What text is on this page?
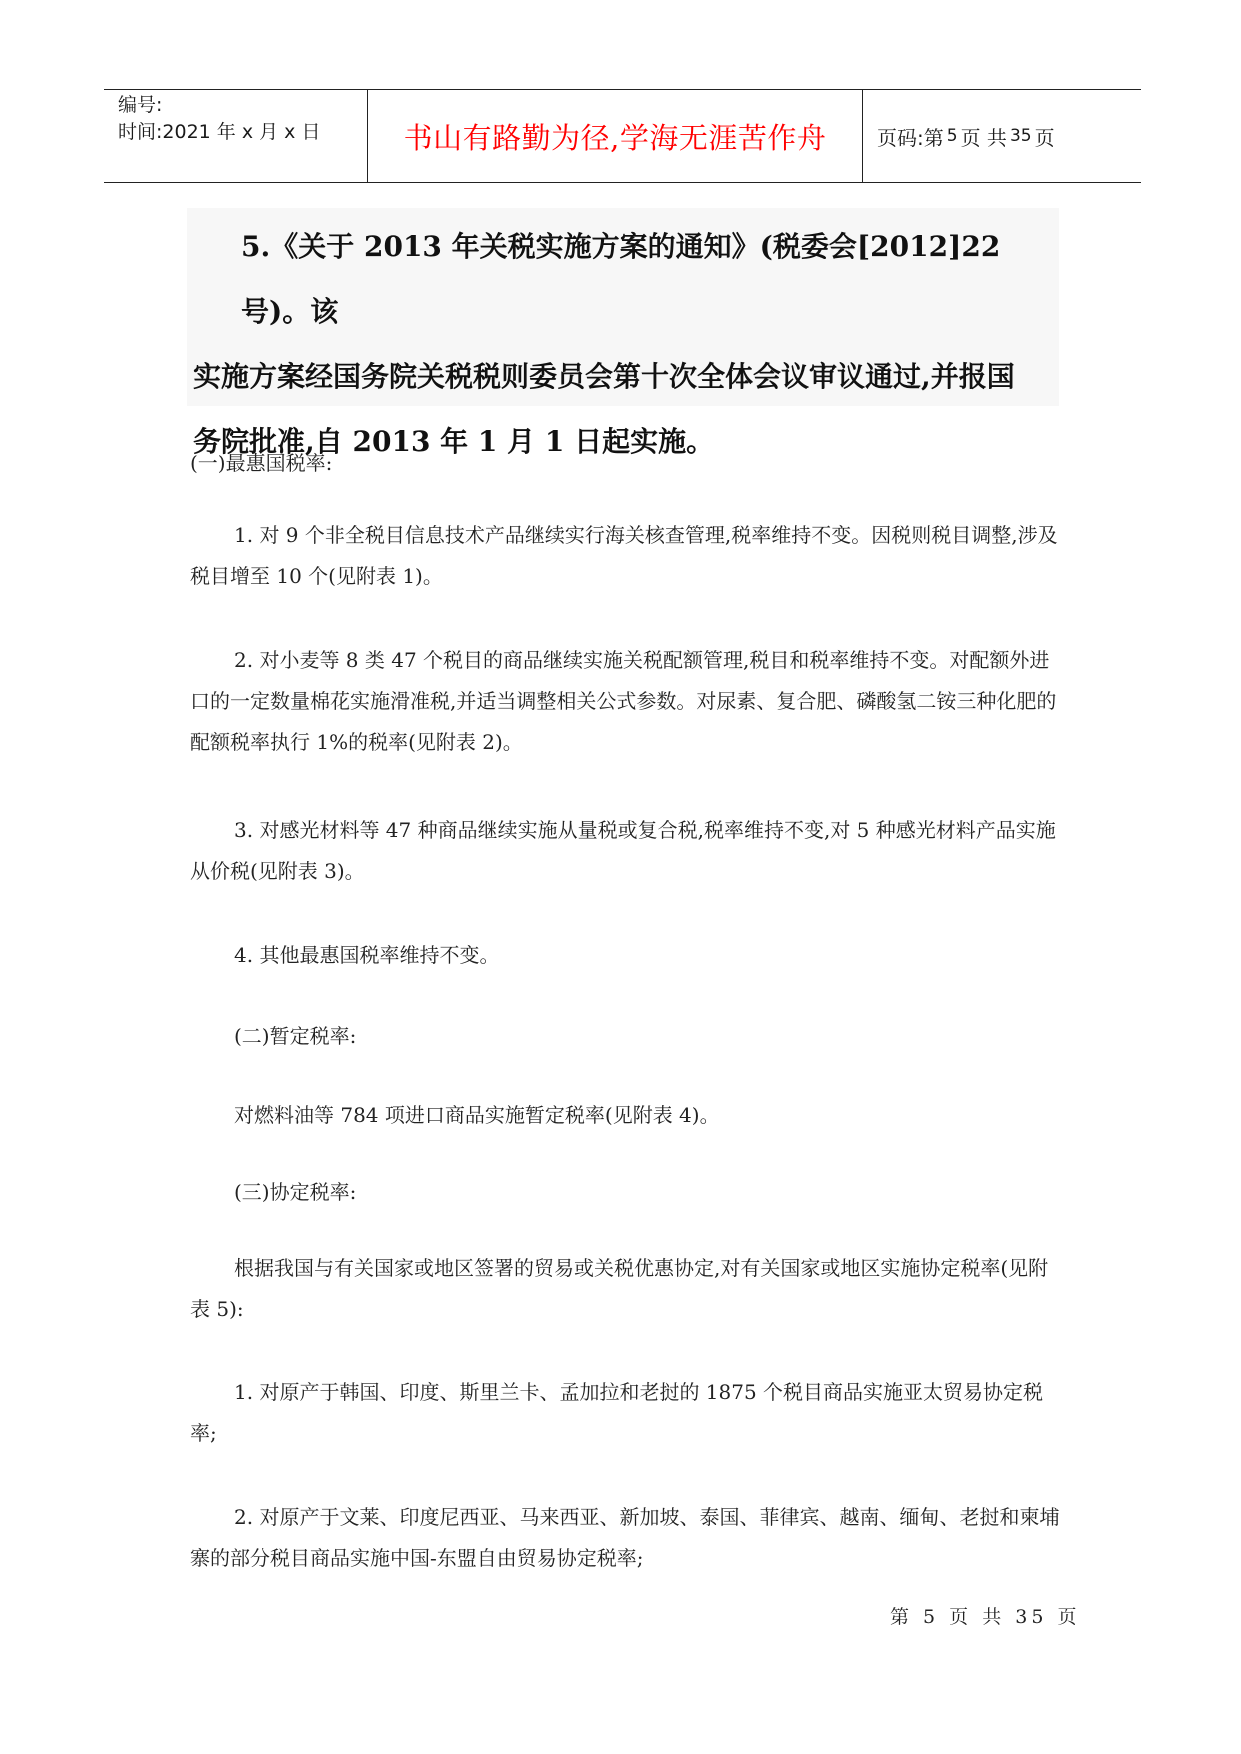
编号:
时间:2021 年 x 月 x 日	书山有路勤为径,学海无涯苦作舟	页码:第 5 页 共 35 页
5.《关于 2013 年关税实施方案的通知》(税委会[2012]22 号)。该
实施方案经国务院关税税则委员会第十次全体会议审议通过,并报国
务院批准,自 2013 年 1 月 1 日起实施。

(一)最惠国税率:

1. 对 9 个非全税目信息技术产品继续实行海关核查管理,税率维持不变。因税则税目调整,涉及税目增至 10 个(见附表 1)。

2. 对小麦等 8 类 47 个税目的商品继续实施关税配额管理,税目和税率维持不变。对配额外进口的一定数量棉花实施滑准税,并适当调整相关公式参数。对尿素、复合肥、磷酸氢二铵三种化肥的配额税率执行 1%的税率(见附表 2)。

3. 对感光材料等 47 种商品继续实施从量税或复合税,税率维持不变,对 5 种感光材料产品实施从价税(见附表 3)。

4. 其他最惠国税率维持不变。

(二)暂定税率:

对燃料油等 784 项进口商品实施暂定税率(见附表 4)。

(三)协定税率:

根据我国与有关国家或地区签署的贸易或关税优惠协定,对有关国家或地区实施协定税率(见附表 5):

1. 对原产于韩国、印度、斯里兰卡、孟加拉和老挝的 1875 个税目商品实施亚太贸易协定税率;

2. 对原产于文莱、印度尼西亚、马来西亚、新加坡、泰国、菲律宾、越南、缅甸、老挝和柬埔寨的部分税目商品实施中国-东盟自由贸易协定税率;

第 5 页 共 35 页
